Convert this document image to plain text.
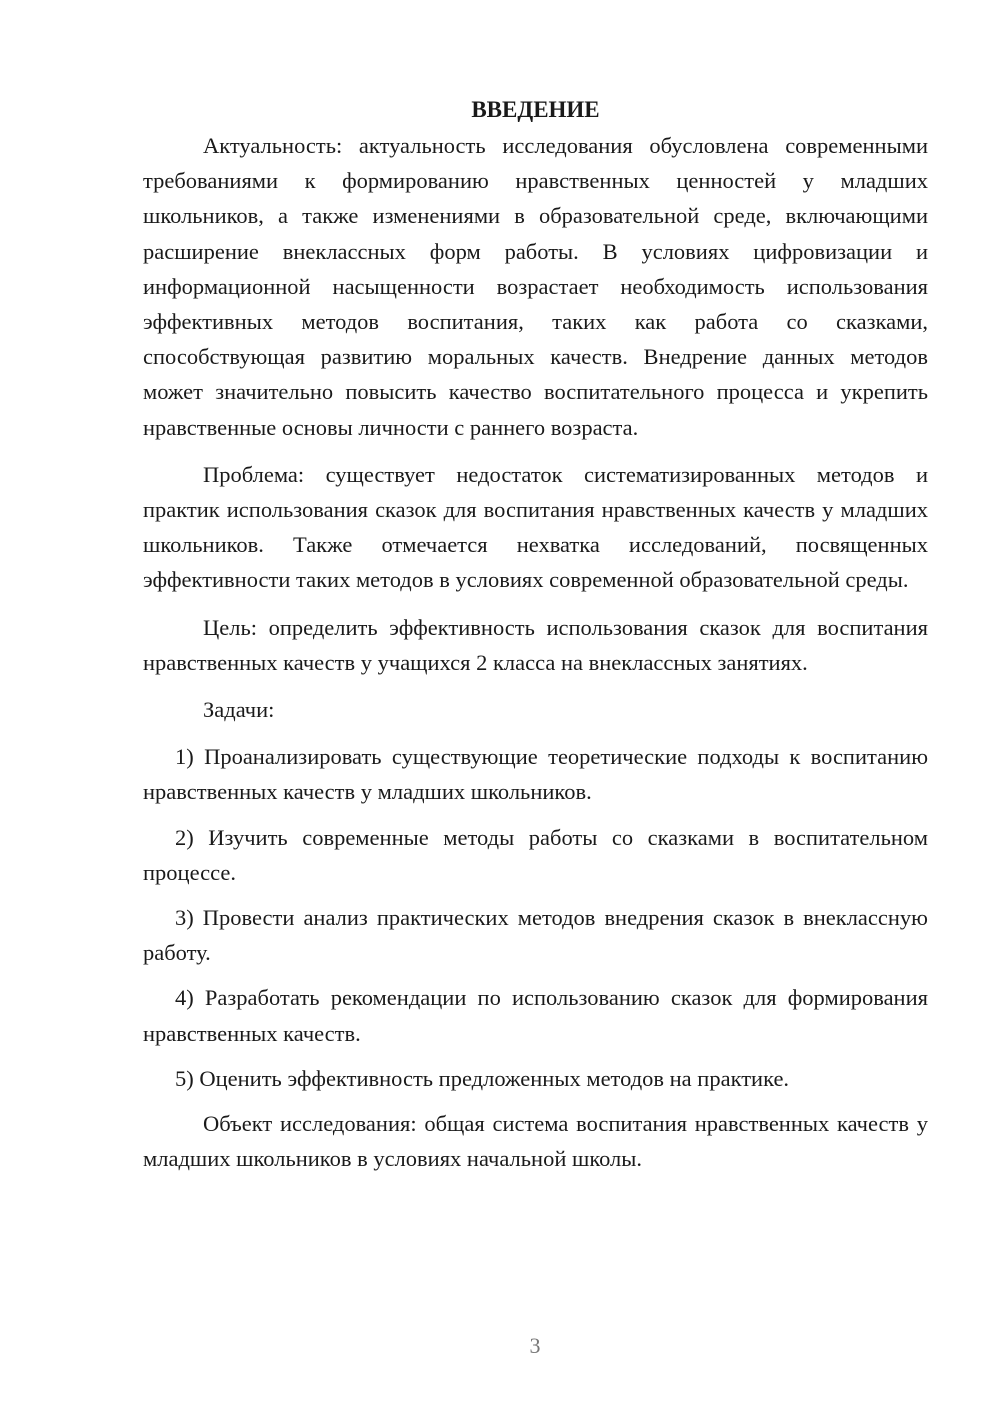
ВВЕДЕНИЕ

Актуальность: актуальность исследования обусловлена современными требованиями к формированию нравственных ценностей у младших школьников, а также изменениями в образовательной среде, включающими расширение внеклассных форм работы. В условиях цифровизации и информационной насыщенности возрастает необходимость использования эффективных методов воспитания, таких как работа со сказками, способствующая развитию моральных качеств. Внедрение данных методов может значительно повысить качество воспитательного процесса и укрепить нравственные основы личности с раннего возраста.

Проблема: существует недостаток систематизированных методов и практик использования сказок для воспитания нравственных качеств у младших школьников. Также отмечается нехватка исследований, посвященных эффективности таких методов в условиях современной образовательной среды.

Цель: определить эффективность использования сказок для воспитания нравственных качеств у учащихся 2 класса на внеклассных занятиях.

Задачи:

1) Проанализировать существующие теоретические подходы к воспитанию нравственных качеств у младших школьников.

2) Изучить современные методы работы со сказками в воспитательном процессе.

3) Провести анализ практических методов внедрения сказок в внеклассную работу.

4) Разработать рекомендации по использованию сказок для формирования нравственных качеств.

5) Оценить эффективность предложенных методов на практике.

Объект исследования: общая система воспитания нравственных качеств у младших школьников в условиях начальной школы.

3
